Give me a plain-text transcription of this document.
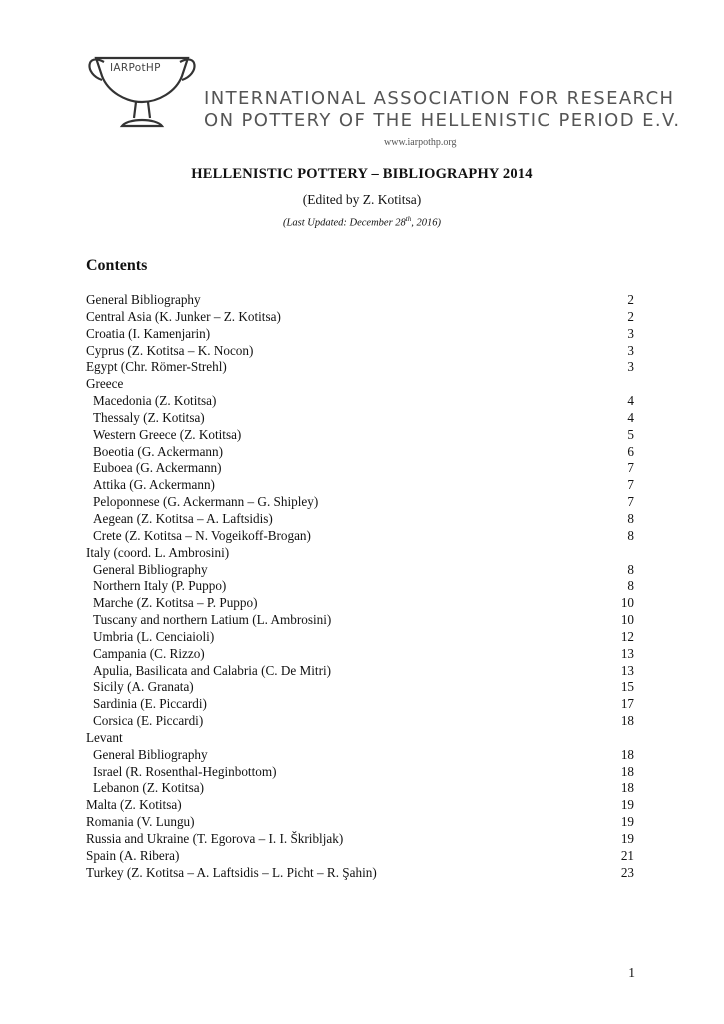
IARPotHP
INTERNATIONAL ASSOCIATION FOR RESEARCH
ON POTTERY OF THE HELLENISTIC PERIOD E.V.
www.iarpothp.org
HELLENISTIC POTTERY – BIBLIOGRAPHY 2014
(Edited by Z. Kotitsa)
(Last Updated: December 28th, 2016)
Contents
General Bibliography	2
Central Asia (K. Junker – Z. Kotitsa)	2
Croatia (I. Kamenjarin)	3
Cyprus (Z. Kotitsa – K. Nocon)	3
Egypt (Chr. Römer-Strehl)	3
Greece
Macedonia (Z. Kotitsa)	4
Thessaly (Z. Kotitsa)	4
Western Greece (Z. Kotitsa)	5
Boeotia (G. Ackermann)	6
Euboea (G. Ackermann)	7
Attika (G. Ackermann)	7
Peloponnese (G. Ackermann – G. Shipley)	7
Aegean (Z. Kotitsa – A. Laftsidis)	8
Crete (Z. Kotitsa – N. Vogeikoff-Brogan)	8
Italy (coord. L. Ambrosini)
General Bibliography	8
Northern Italy (P. Puppo)	8
Marche (Z. Kotitsa – P. Puppo)	10
Tuscany and northern Latium (L. Ambrosini)	10
Umbria (L. Cenciaioli)	12
Campania (C. Rizzo)	13
Apulia, Basilicata and Calabria (C. De Mitri)	13
Sicily (A. Granata)	15
Sardinia (E. Piccardi)	17
Corsica (E. Piccardi)	18
Levant
General Bibliography	18
Israel (R. Rosenthal-Heginbottom)	18
Lebanon (Z. Kotitsa)	18
Malta (Z. Kotitsa)	19
Romania (V. Lungu)	19
Russia and Ukraine (T. Egorova – I. I. Škribljak)	19
Spain (A. Ribera)	21
Turkey (Z. Kotitsa – A. Laftsidis – L. Picht – R. Şahin)	23
1
